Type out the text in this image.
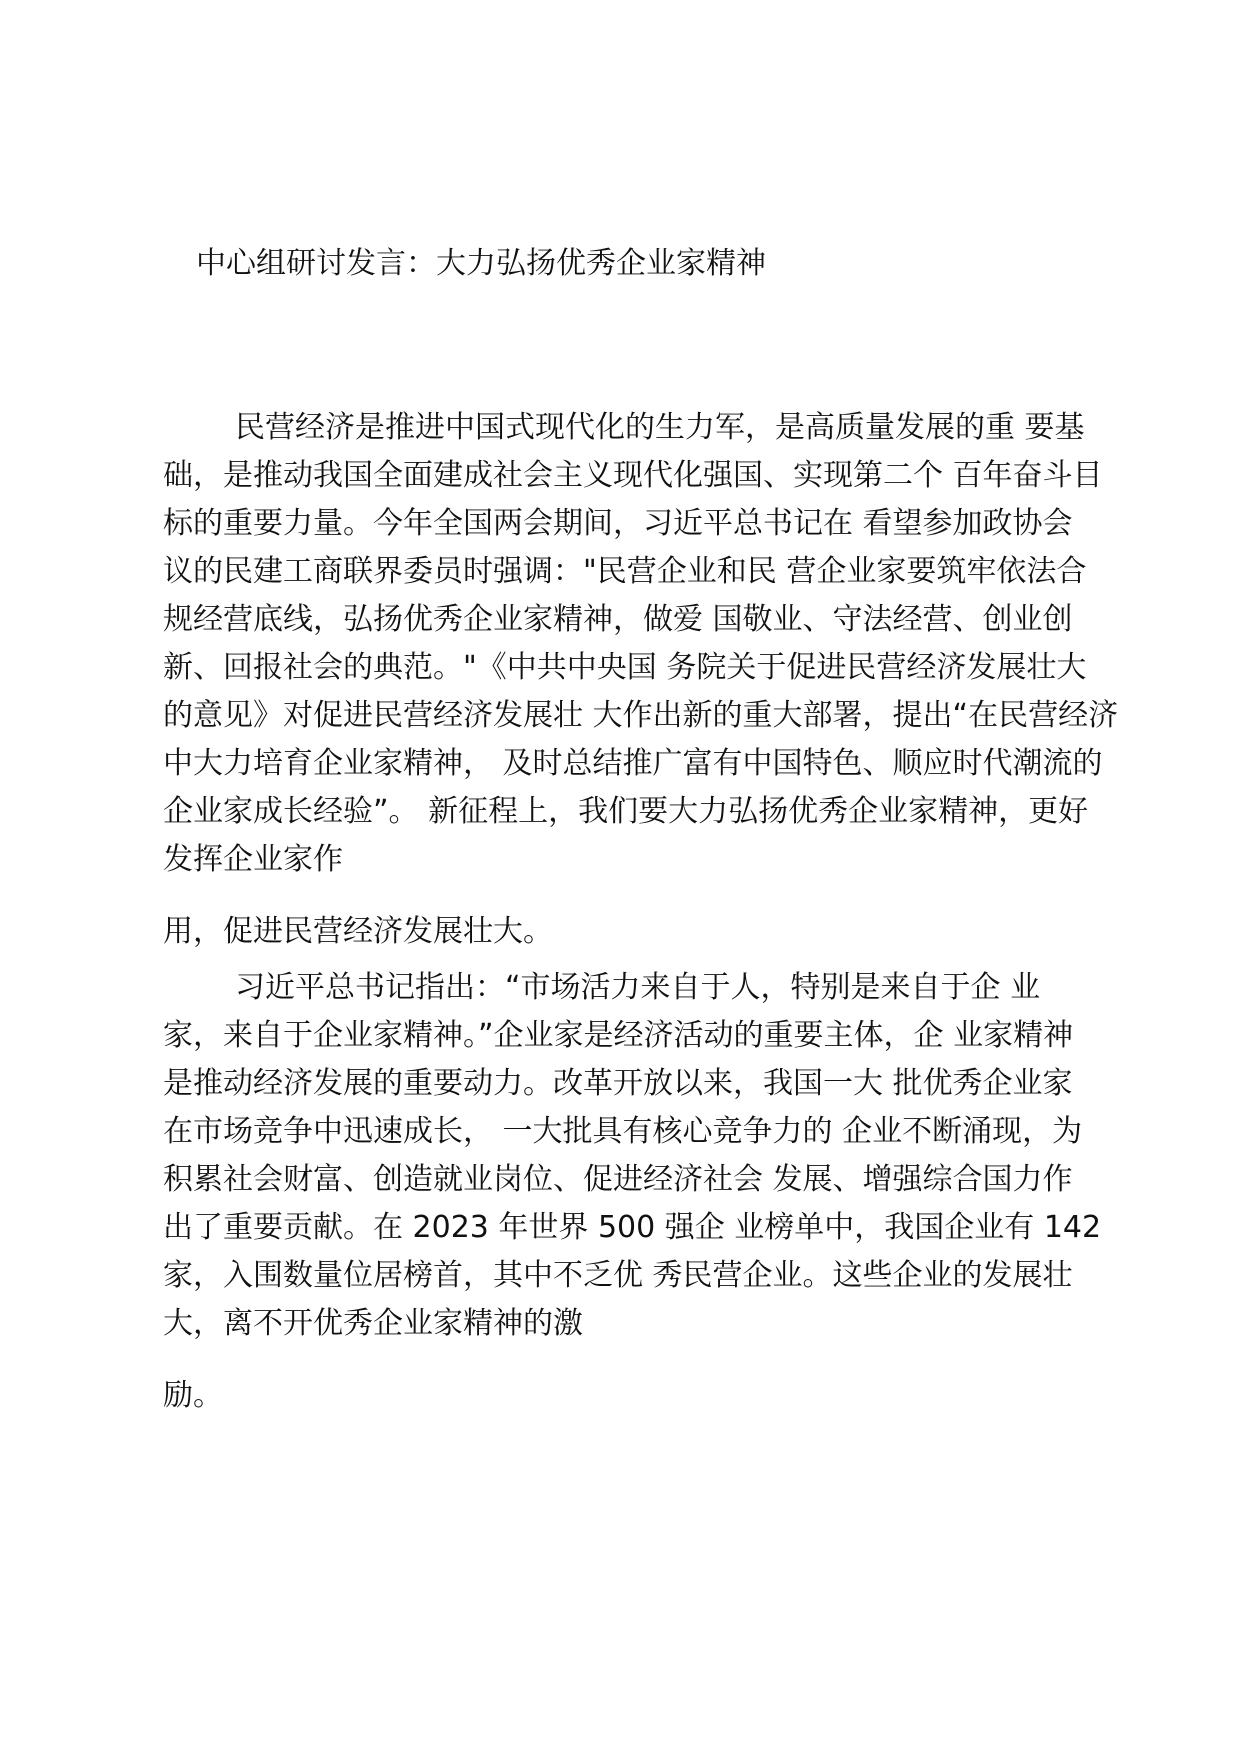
中心组研讨发言：大力弘扬优秀企业家精神
民营经济是推进中国式现代化的生力军，是高质量发展的重 要基
础，是推动我国全面建成社会主义现代化强国、实现第二个 百年奋斗目
标的重要力量。今年全国两会期间，习近平总书记在 看望参加政协会
议的民建工商联界委员时强调："民营企业和民 营企业家要筑牢依法合
规经营底线，弘扬优秀企业家精神，做爱 国敬业、守法经营、创业创
新、回报社会的典范。"《中共中央国 务院关于促进民营经济发展壮大
的意见》对促进民营经济发展壮 大作出新的重大部署，提出“在民营经济
中大力培育企业家精神， 及时总结推广富有中国特色、顺应时代潮流的
企业家成长经验”。 新征程上，我们要大力弘扬优秀企业家精神，更好
发挥企业家作
用，促进民营经济发展壮大。
习近平总书记指出：“市场活力来自于人，特别是来自于企 业
家，来自于企业家精神。”企业家是经济活动的重要主体，企 业家精神
是推动经济发展的重要动力。改革开放以来，我国一大 批优秀企业家
在市场竞争中迅速成长， 一大批具有核心竞争力的 企业不断涌现，为
积累社会财富、创造就业岗位、促进经济社会 发展、增强综合国力作
出了重要贡献。在 2023 年世界 500 强企 业榜单中，我国企业有 142
家，入围数量位居榜首，其中不乏优 秀民营企业。这些企业的发展壮
大，离不开优秀企业家精神的激
励。
